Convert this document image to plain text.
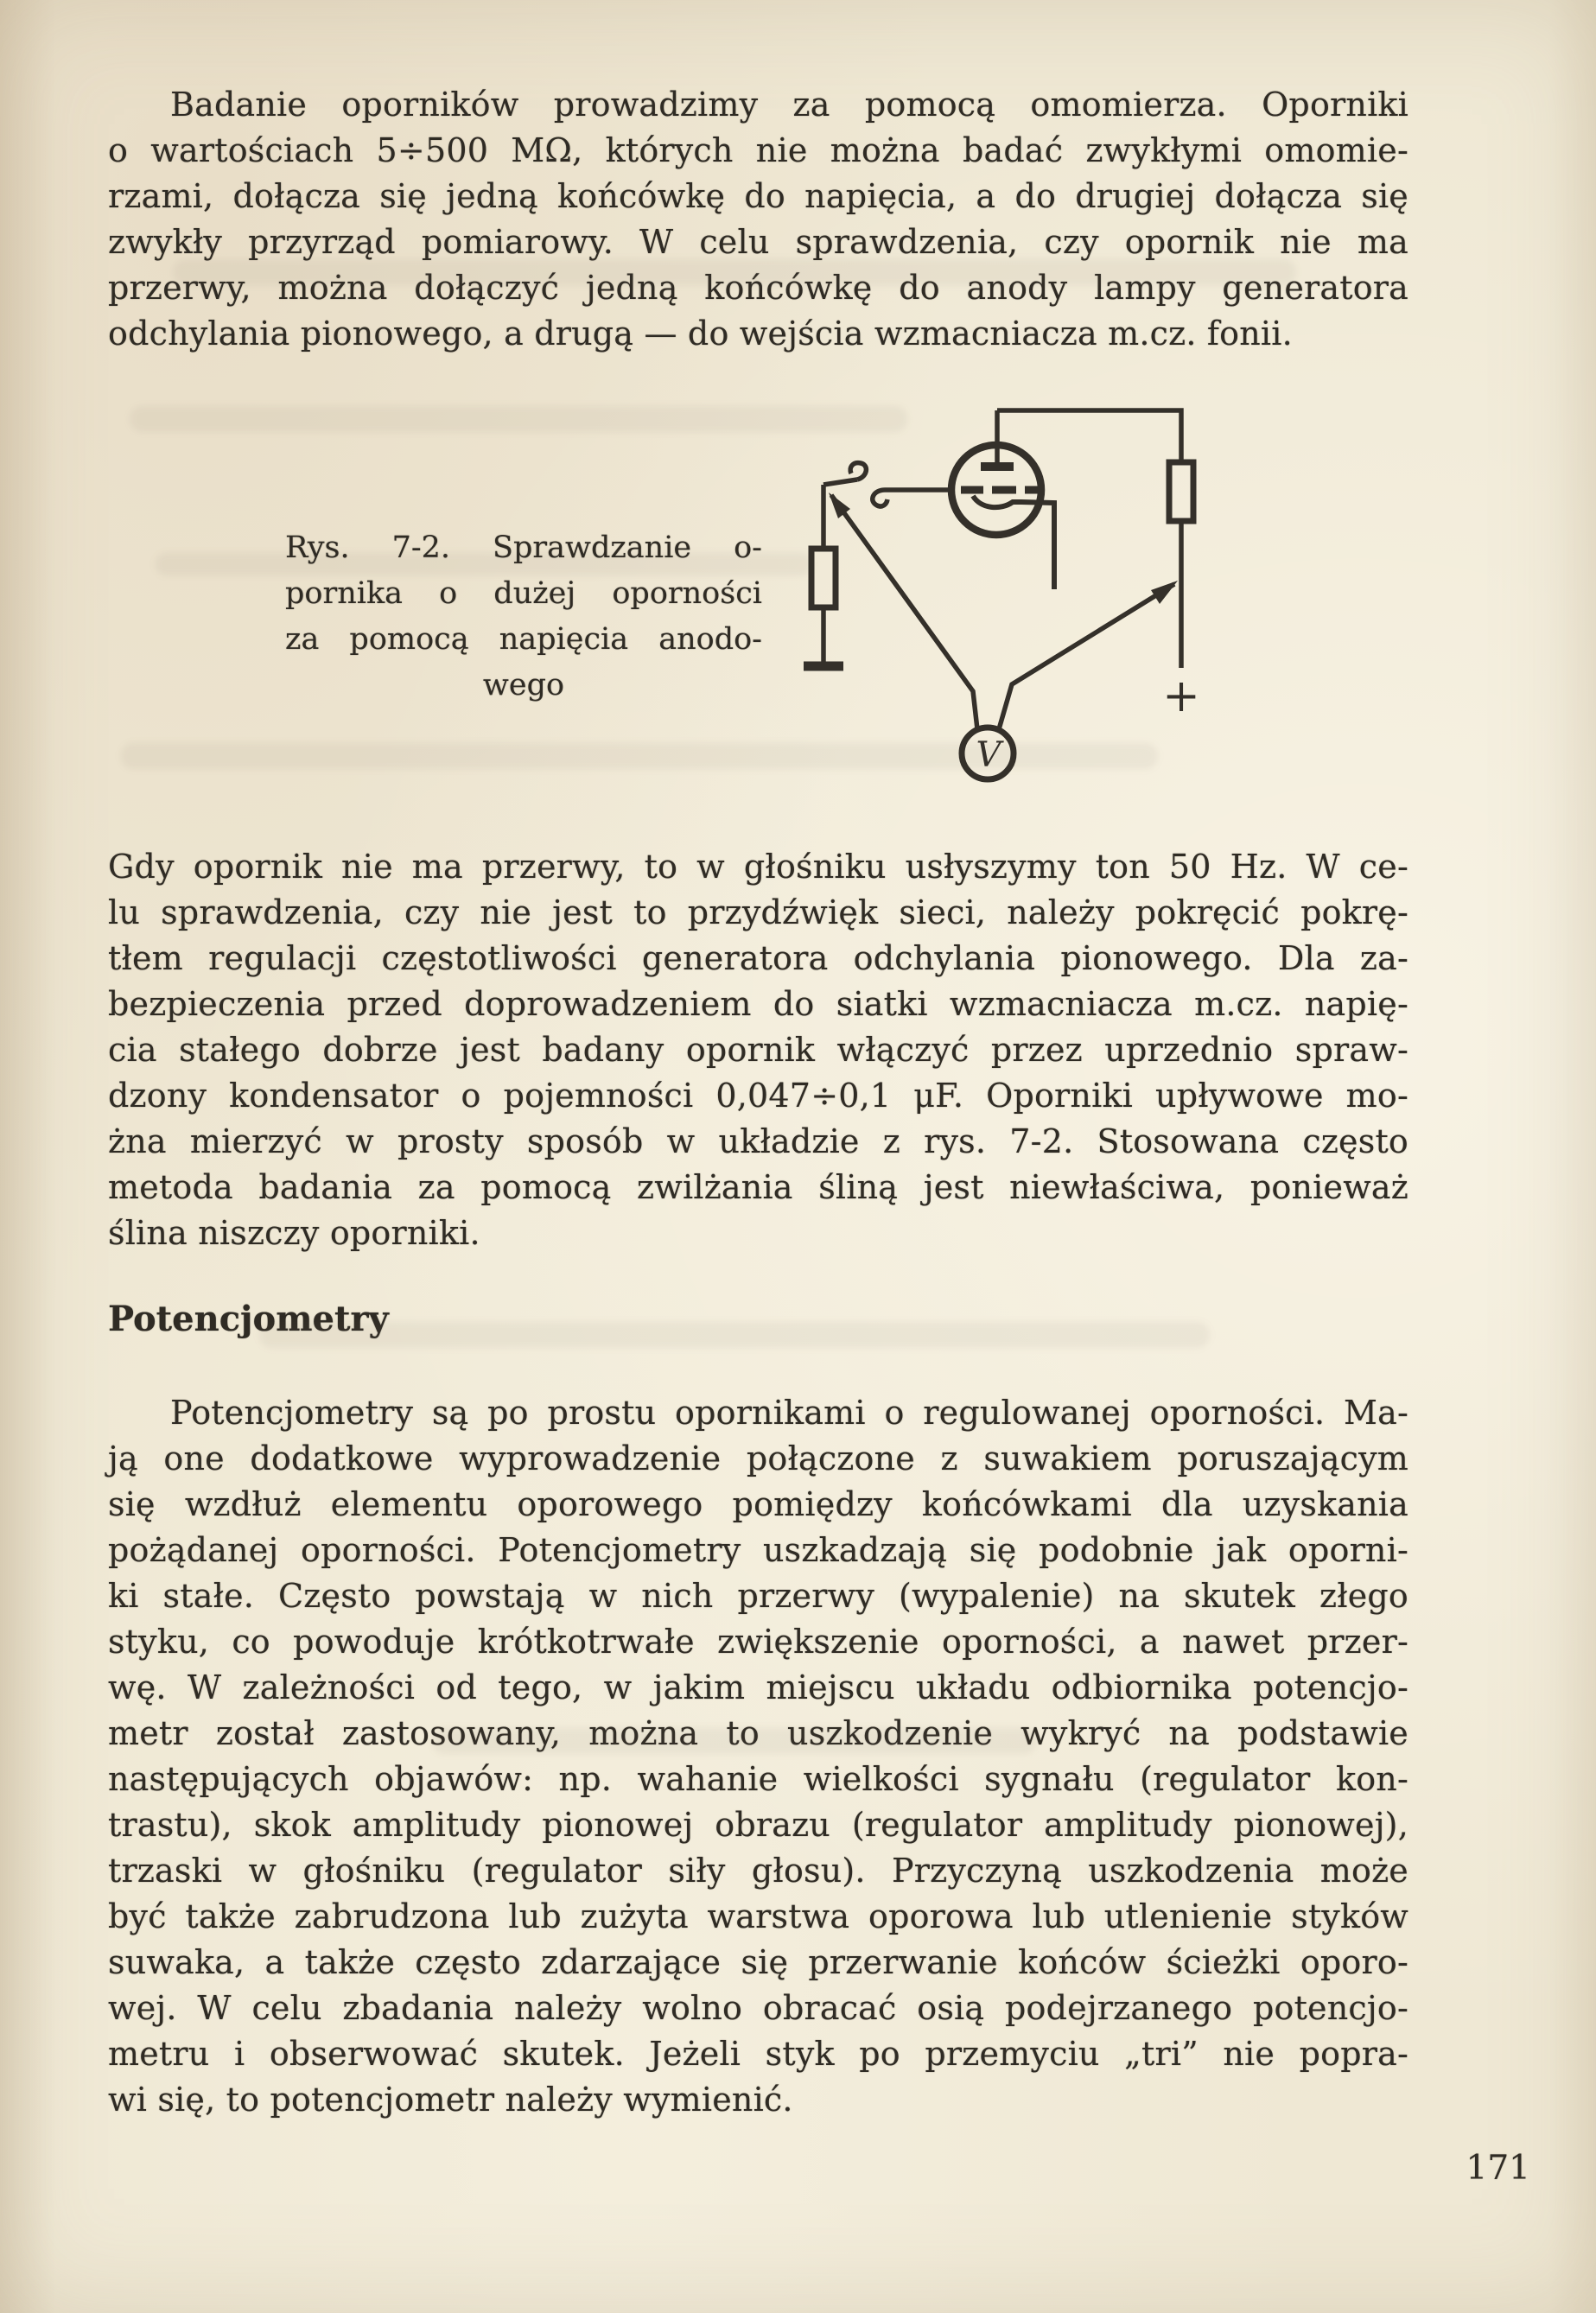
Badanie oporników prowadzimy za pomocą omomierza. Oporniki
o wartościach 5÷500 MΩ, których nie można badać zwykłymi omomie-
rzami, dołącza się jedną końcówkę do napięcia, a do drugiej dołącza się
zwykły przyrząd pomiarowy. W celu sprawdzenia, czy opornik nie ma
przerwy, można dołączyć jedną końcówkę do anody lampy generatora
odchylania pionowego, a drugą — do wejścia wzmacniacza m.cz. fonii.
Rys. 7-2. Sprawdzanie o-
pornika o dużej oporności
za pomocą napięcia anodo-
wego	+
V
Gdy opornik nie ma przerwy, to w głośniku usłyszymy ton 50 Hz. W ce-
lu sprawdzenia, czy nie jest to przydźwięk sieci, należy pokręcić pokrę-
tłem regulacji częstotliwości generatora odchylania pionowego. Dla za-
bezpieczenia przed doprowadzeniem do siatki wzmacniacza m.cz. napię-
cia stałego dobrze jest badany opornik włączyć przez uprzednio spraw-
dzony kondensator o pojemności 0,047÷0,1 μF. Oporniki upływowe mo-
żna mierzyć w prosty sposób w układzie z rys. 7-2. Stosowana często
metoda badania za pomocą zwilżania śliną jest niewłaściwa, ponieważ
ślina niszczy oporniki.
Potencjometry
Potencjometry są po prostu opornikami o regulowanej oporności. Ma-
ją one dodatkowe wyprowadzenie połączone z suwakiem poruszającym
się wzdłuż elementu oporowego pomiędzy końcówkami dla uzyskania
pożądanej oporności. Potencjometry uszkadzają się podobnie jak oporni-
ki stałe. Często powstają w nich przerwy (wypalenie) na skutek złego
styku, co powoduje krótkotrwałe zwiększenie oporności, a nawet przer-
wę. W zależności od tego, w jakim miejscu układu odbiornika potencjo-
metr został zastosowany, można to uszkodzenie wykryć na podstawie
następujących objawów: np. wahanie wielkości sygnału (regulator kon-
trastu), skok amplitudy pionowej obrazu (regulator amplitudy pionowej),
trzaski w głośniku (regulator siły głosu). Przyczyną uszkodzenia może
być także zabrudzona lub zużyta warstwa oporowa lub utlenienie styków
suwaka, a także często zdarzające się przerwanie końców ścieżki oporo-
wej. W celu zbadania należy wolno obracać osią podejrzanego potencjo-
metru i obserwować skutek. Jeżeli styk po przemyciu „tri” nie popra-
wi się, to potencjometr należy wymienić.
171
